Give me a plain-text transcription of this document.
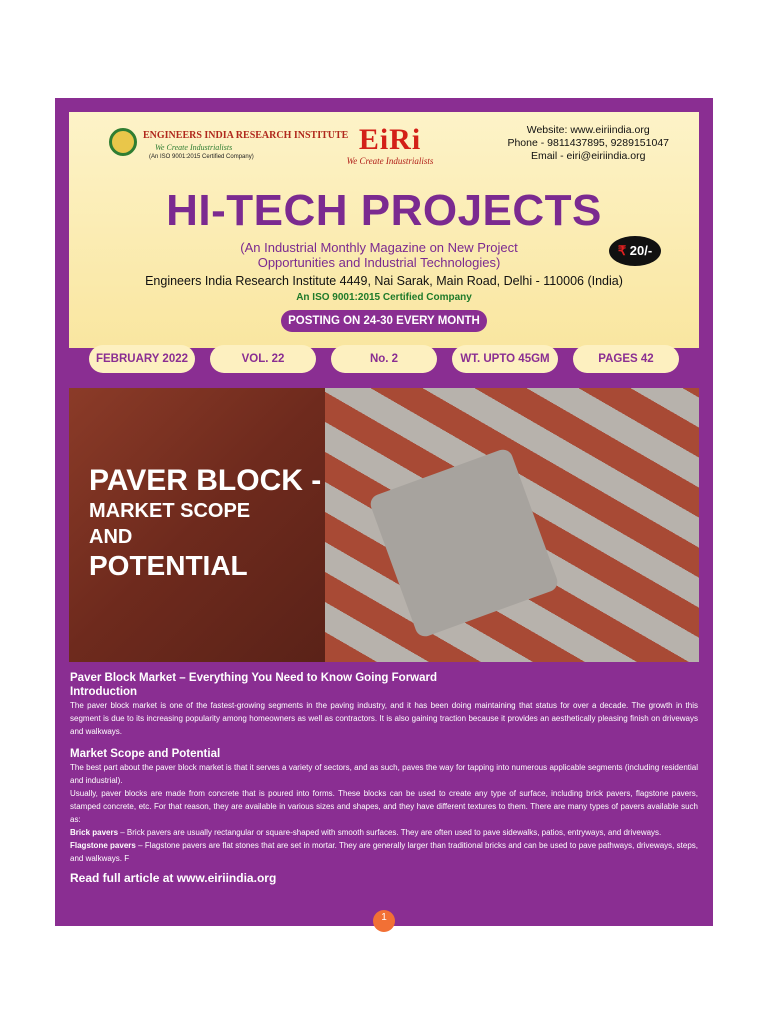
ENGINEERS INDIA RESEARCH INSTITUTE
We Create Industrialists
(An ISO 9001:2015 Certified Company)
EiRi
We Create Industrialists
Website: www.eiriindia.org
Phone - 9811437895, 9289151047
Email - eiri@eiriindia.org
HI-TECH PROJECTS
(An Industrial Monthly Magazine on New Project
Opportunities and Industrial Technologies)
₹ 20/-
Engineers India Research Institute 4449, Nai Sarak, Main Road, Delhi - 110006 (India)
An ISO 9001:2015 Certified Company
POSTING ON 24-30 EVERY MONTH
FEBRUARY 2022	VOL. 22	No. 2	WT. UPTO 45GM	PAGES 42
PAVER BLOCK -
MARKET SCOPE
AND
POTENTIAL
Paver Block Market – Everything You Need to Know Going Forward
Introduction
The paver block market is one of the fastest-growing segments in the paving industry, and it has been doing maintaining that status for over a decade. The growth in this segment is due to its increasing popularity among homeowners as well as contractors. It is also gaining traction because it provides an aesthetically pleasing finish on driveways and walkways.
Market Scope and Potential
The best part about the paver block market is that it serves a variety of sectors, and as such, paves the way for tapping into numerous applicable segments (including residential and industrial).
Usually, paver blocks are made from concrete that is poured into forms. These blocks can be used to create any type of surface, including brick pavers, flagstone pavers, stamped concrete, etc. For that reason, they are available in various sizes and shapes, and they have different textures to them. There are many types of pavers available such as:
Brick pavers – Brick pavers are usually rectangular or square-shaped with smooth surfaces. They are often used to pave sidewalks, patios, entryways, and driveways.
Flagstone pavers – Flagstone pavers are flat stones that are set in mortar. They are generally larger than traditional bricks and can be used to pave pathways, driveways, steps, and walkways. F
Read full article at www.eiriindia.org
1
